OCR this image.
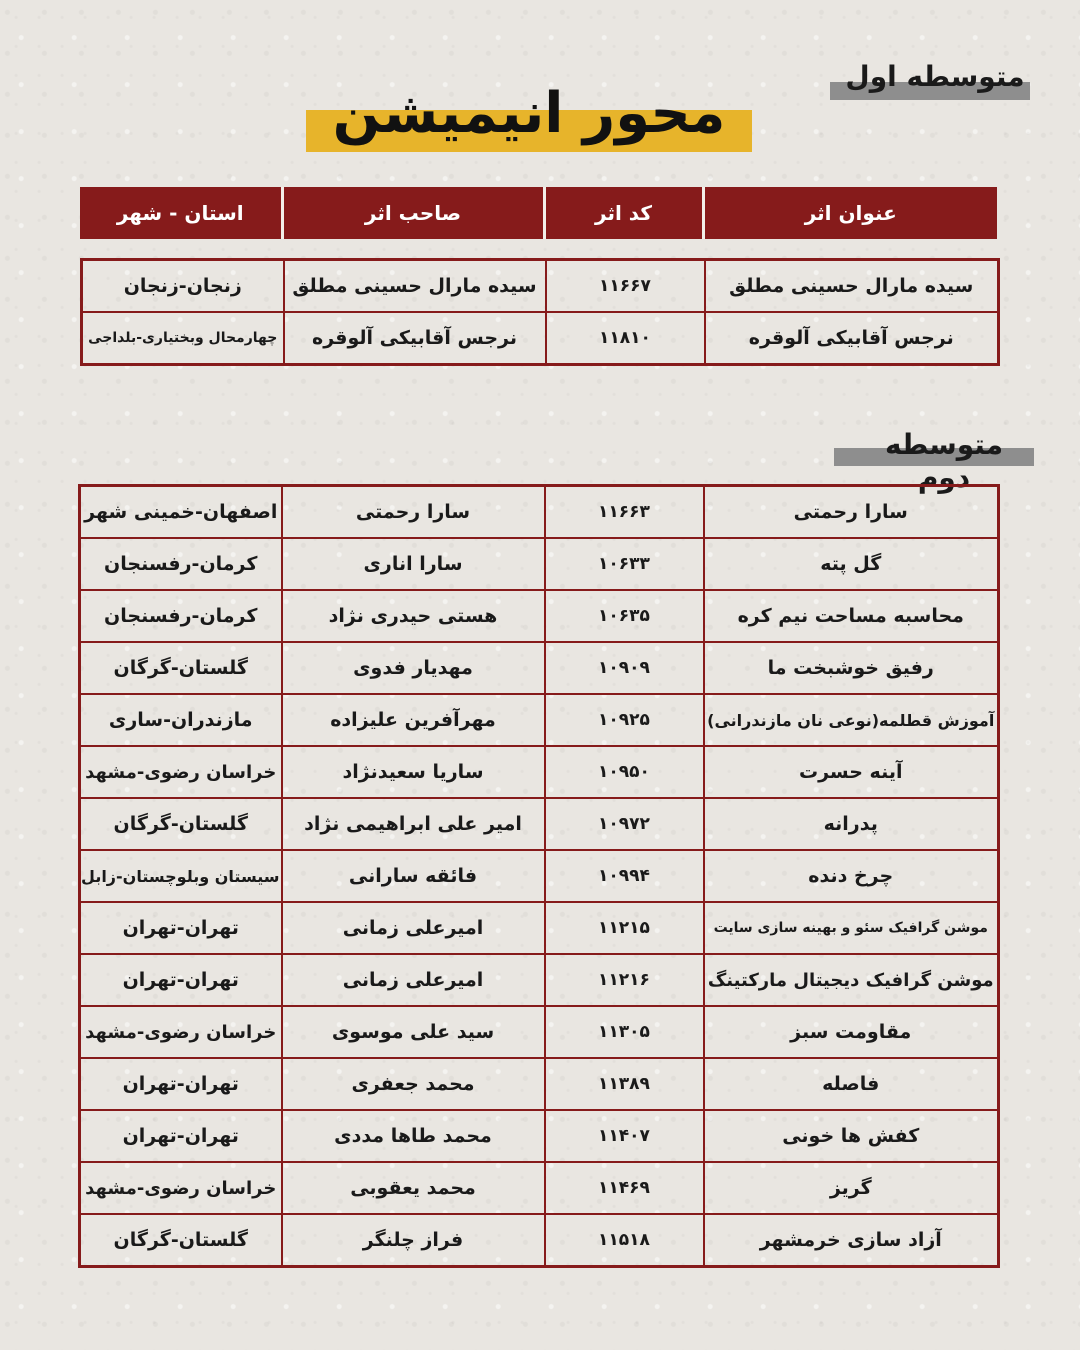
متوسطه اول
محور انیمیشن
عنوان اثر	کد اثر	صاحب اثر	استان - شهر
سیده مارال حسینی مطلق	۱۱۶۶۷	سیده مارال حسینی مطلق	زنجان-زنجان
نرجس آقابیکی آلوقره	۱۱۸۱۰	نرجس آقابیکی آلوقره	چهارمحال وبختیاری-بلداجی
متوسطه دوم
سارا رحمتی	۱۱۶۶۳	سارا رحمتی	اصفهان-خمینی شهر
گل پته	۱۰۶۳۳	سارا اناری	کرمان-رفسنجان
محاسبه مساحت نیم کره	۱۰۶۳۵	هستی حیدری نژاد	کرمان-رفسنجان
رفیق خوشبخت ما	۱۰۹۰۹	مهدیار فدوی	گلستان-گرگان
آموزش قطلمه(نوعی نان مازندرانی)	۱۰۹۲۵	مهرآفرین علیزاده	مازندران-ساری
آینه حسرت	۱۰۹۵۰	ساریا سعیدنژاد	خراسان رضوی-مشهد
پدرانه	۱۰۹۷۲	امیر علی ابراهیمی نژاد	گلستان-گرگان
چرخ دنده	۱۰۹۹۴	فائقه سارانی	سیستان وبلوچستان-زابل
موشن گرافیک سئو و بهینه سازی سایت	۱۱۲۱۵	امیرعلی زمانی	تهران-تهران
موشن گرافیک دیجیتال مارکتینگ	۱۱۲۱۶	امیرعلی زمانی	تهران-تهران
مقاومت سبز	۱۱۳۰۵	سید علی موسوی	خراسان رضوی-مشهد
فاصله	۱۱۳۸۹	محمد جعفری	تهران-تهران
کفش ها خونی	۱۱۴۰۷	محمد طاها مددی	تهران-تهران
گریز	۱۱۴۶۹	محمد یعقوبی	خراسان رضوی-مشهد
آزاد سازی خرمشهر	۱۱۵۱۸	فراز چلنگر	گلستان-گرگان
